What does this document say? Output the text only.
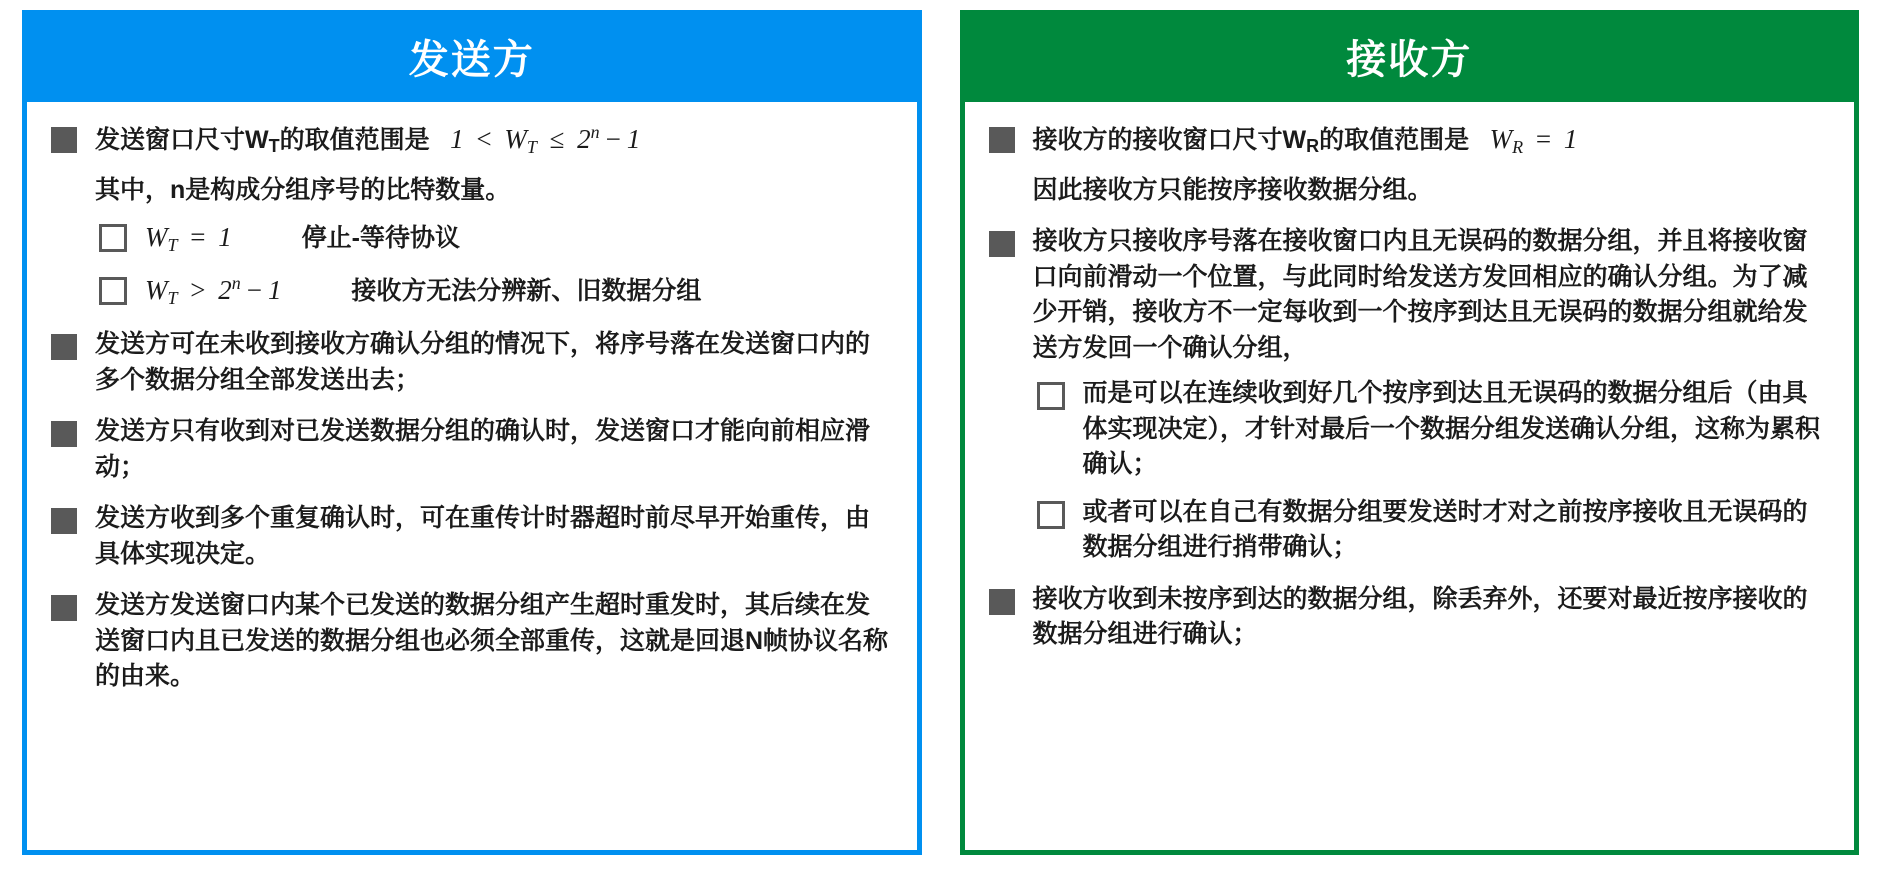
发送方
发送窗口尺寸WT的取值范围是   $1 < W_T \le 2^n - 1$
其中，n是构成分组序号的比特数量。
$W_T = 1$	停止-等待协议
$W_T > 2^n - 1$	接收方无法分辨新、旧数据分组
发送方可在未收到接收方确认分组的情况下，将序号落在发送窗口内的多个数据分组全部发送出去；
发送方只有收到对已发送数据分组的确认时，发送窗口才能向前相应滑动；
发送方收到多个重复确认时，可在重传计时器超时前尽早开始重传，由具体实现决定。
发送方发送窗口内某个已发送的数据分组产生超时重发时，其后续在发送窗口内且已发送的数据分组也必须全部重传，这就是回退N帧协议名称的由来。
接收方
接收方的接收窗口尺寸WR的取值范围是   $W_R = 1$
因此接收方只能按序接收数据分组。
接收方只接收序号落在接收窗口内且无误码的数据分组，并且将接收窗口向前滑动一个位置，与此同时给发送方发回相应的确认分组。为了减少开销，接收方不一定每收到一个按序到达且无误码的数据分组就给发送方发回一个确认分组，
而是可以在连续收到好几个按序到达且无误码的数据分组后（由具体实现决定），才针对最后一个数据分组发送确认分组，这称为累积确认；
或者可以在自己有数据分组要发送时才对之前按序接收且无误码的数据分组进行捎带确认；
接收方收到未按序到达的数据分组，除丢弃外，还要对最近按序接收的数据分组进行确认；
